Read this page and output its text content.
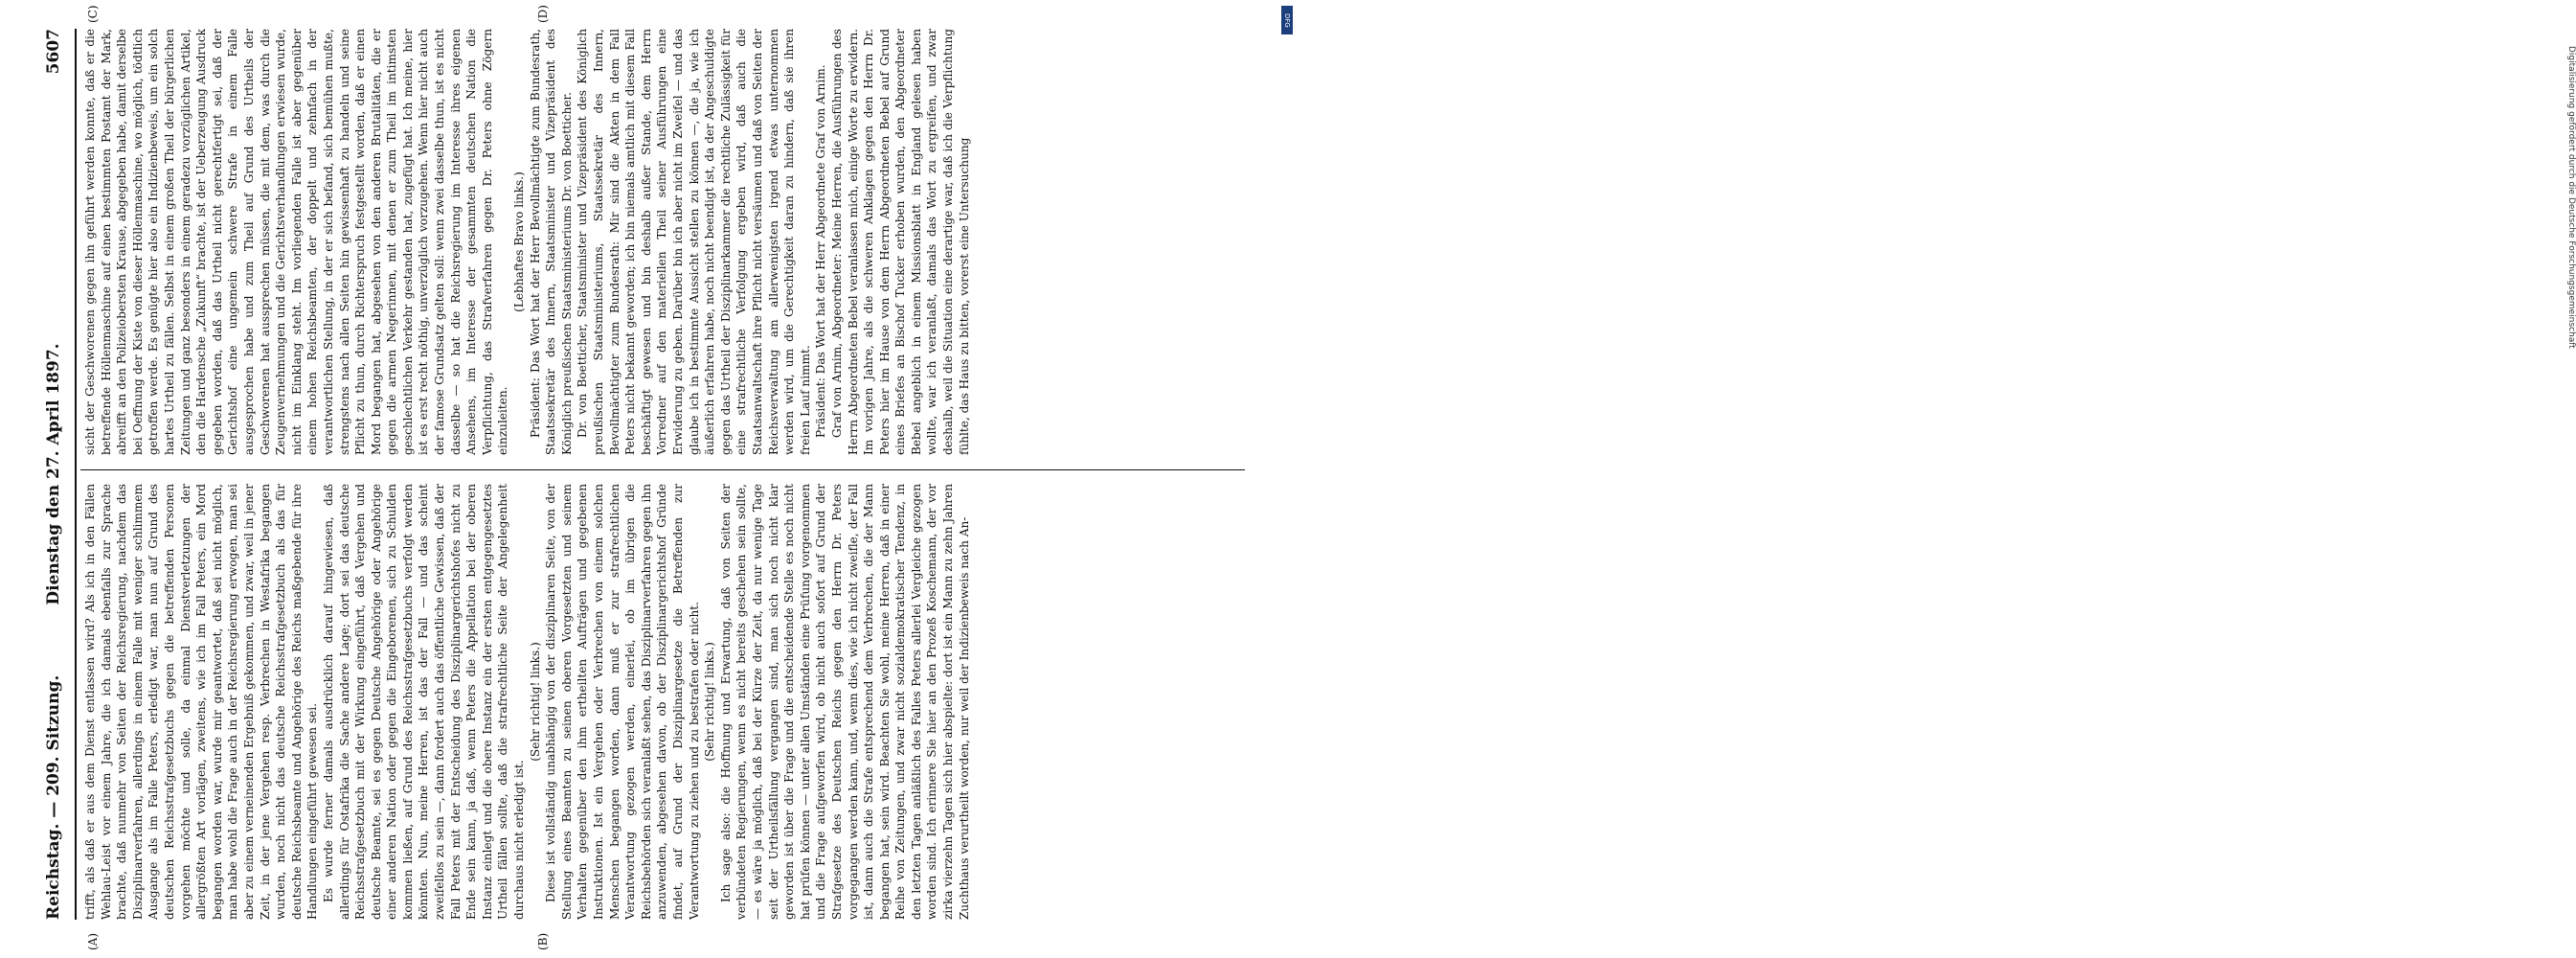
Reichstag. — 209. Sitzung.
Dienstag den 27. April 1897.
5607
(A)	(B)
(C)	(D)

trifft, als daß er aus dem Dienst entlassen wird? Als ich in den Fällen Wehlau-Leist vor einem Jahre, die ich damals ebenfalls zur Sprache brachte, daß nunmehr von Seiten der Reichsregierung, nachdem das Disziplinarverfahren, allerdings in einem Falle mit weniger schlimmem Ausgange als im Falle Peters, erledigt war, man nun auf Grund des deutschen Reichsstrafgesetzbuchs gegen die betreffenden Personen vorgehen möchte und solle, da einmal Dienstverletzungen der allergrößten Art vorlägen, zweitens, wie ich im Fall Peters, ein Mord begangen worden war, wurde mir geantwortet, daß sei nicht möglich, man habe wohl die Frage auch in der Reichsregierung erwogen, man sei aber zu einem verneinenden Ergebniß gekommen, und zwar, weil in jener Zeit, in der jene Vergehen resp. Verbrechen in Westafrika begangen wurden, noch nicht das deutsche Reichsstrafgesetzbuch als das für deutsche Reichsbeamte und Angehörige des Reichs maßgebende für ihre Handlungen eingeführt gewesen sei. Es wurde ferner damals ausdrücklich darauf hingewiesen, daß allerdings für Ostafrika die Sache andere Lage; dort sei das deutsche Reichsstrafgesetzbuch mit der Wirkung eingeführt, daß Vergehen und deutsche Beamte, sei es gegen Deutsche Angehörige oder Angehörige einer anderen Nation oder gegen die Eingeborenen, sich zu Schulden kommen ließen, auf Grund des Reichsstrafgesetzbuchs verfolgt werden könnten. Nun, meine Herren, ist das der Fall — und das scheint zweifellos zu sein —, dann fordert auch das öffentliche Gewissen, daß der Fall Peters mit der Entscheidung des Disziplinargerichtshofes nicht zu Ende sein kann, ja daß, wenn Peters die Appellation bei der oberen Instanz einlegt und die obere Instanz ein der ersten entgegengesetztes Urtheil fällen sollte, daß die strafrechtliche Seite der Angelegenheit durchaus nicht erledigt ist.

(Sehr richtig! links.) Diese ist vollständig unabhängig von der disziplinaren Seite, von der Stellung eines Beamten zu seinen oberen Vorgesetzten und seinem Verhalten gegenüber den ihm ertheilten Aufträgen und gegebenen Instruktionen. Ist ein Vergehen oder Verbrechen von einem solchen Menschen begangen worden, dann muß er zur strafrechtlichen Verantwortung gezogen werden, einerlei, ob im übrigen die Reichsbehörden sich veranlaßt sehen, das Disziplinarverfahren gegen ihn anzuwenden, abgesehen davon, ob der Disziplinargerichtshof Gründe findet, auf Grund der Disziplinargesetze die Betreffenden zur Verantwortung zu ziehen und zu bestrafen oder nicht. (Sehr richtig! links.) Ich sage also: die Hoffnung und Erwartung, daß von Seiten der verbündeten Regierungen, wenn es nicht bereits geschehen sein sollte, — es wäre ja möglich, daß bei der Kürze der Zeit, da nur wenige Tage seit der Urtheilsfällung vergangen sind, man sich noch nicht klar geworden ist über die Frage und die entscheidende Stelle es noch nicht hat prüfen können — unter allen Umständen eine Prüfung vorgenommen und die Frage aufgeworfen wird, ob nicht auch sofort auf Grund der Strafgesetze des Deutschen Reichs gegen den Herrn Dr. Peters vorgegangen werden kann, und, wenn dies, wie ich nicht zweifle, der Fall ist, dann auch die Strafe entsprechend dem Verbrechen, die der Mann begangen hat, sein wird. Beachten Sie wohl, meine Herren, daß in einer Reihe von Zeitungen, und zwar nicht sozialdemokratischer Tendenz, in den letzten Tagen anläßlich des Falles Peters allerlei Vergleiche gezogen worden sind. Ich erinnere Sie hier an den Prozeß Koschemann, der vor zirka vierzehn Tagen sich hier abspielte: dort ist ein Mann zu zehn Jahren Zuchthaus verurtheilt worden, nur weil der Indizienbeweis nach An-

sicht der Geschworenen gegen ihn geführt werden konnte, daß er die betreffende Höllenmaschine auf einen bestimmten Postamt der Mark, abreifft an den Polizeiobersten Krause, abgegeben habe, damit derselbe bei Oeffnung der Kiste von dieser Höllenmaschine, wo möglich, tödtlich getroffen werde. Es genügte hier also ein Indizienbeweis, um ein solch hartes Urtheil zu fällen. Selbst in einem großen Theil der bürgerlichen Zeitungen und ganz besonders in einem geradezu vorzüglichen Artikel, den die Hardensche „Zukunft“ brachte, ist der Ueberzeugung Ausdruck gegeben worden, daß das Urtheil nicht gerechtfertigt sei, daß der Gerichtshof eine ungemein schwere Strafe in einem Falle ausgesprochen habe und zum Theil auf Grund des Urtheils der Geschworenen hat aussprechen müssen, die mit dem, was durch die Zeugenvernehmungen und die Gerichtsverhandlungen erwiesen wurde, nicht im Einklang steht. Im vorliegenden Falle ist aber gegenüber einem hohen Reichsbeamten, der doppelt und zehnfach in der verantwortlichen Stellung, in der er sich befand, sich bemühen mußte, strengstens nach allen Seiten hin gewissenhaft zu handeln und seine Pflicht zu thun, durch Richterspruch festgestellt worden, daß er einen Mord begangen hat, abgesehen von den anderen Brutalitäten, die er gegen die armen Negerinnen, mit denen er zum Theil im intimsten geschlechtlichen Verkehr gestanden hat, zugefügt hat. Ich meine, hier ist es erst recht nöthig, unverzüglich vorzugehen. Wenn hier nicht auch der famose Grundsatz gelten soll: wenn zwei dasselbe thun, ist es nicht dasselbe — so hat die Reichsregierung im Interesse ihres eigenen Ansehens, im Interesse der gesammten deutschen Nation die Verpflichtung, das Strafverfahren gegen Dr. Peters ohne Zögern einzuleiten.

(Lebhaftes Bravo links.) Präsident: Das Wort hat der Herr Bevollmächtigte zum Bundesrath, Staatssekretär des Innern, Staatsminister und Vizepräsident des Königlich preußischen Staatsministeriums Dr. von Boetticher. Dr. von Boetticher, Staatsminister und Vizepräsident des Königlich preußischen Staatsministeriums, Staatssekretär des Innern, Bevollmächtigter zum Bundesrath: Mir sind die Akten in dem Fall Peters nicht bekannt geworden; ich bin niemals amtlich mit diesem Fall beschäftigt gewesen und bin deshalb außer Stande, dem Herrn Vorredner auf den materiellen Theil seiner Ausführungen eine Erwiderung zu geben. Darüber bin ich aber nicht im Zweifel — und das glaube ich in bestimmte Aussicht stellen zu können —, die ja, wie ich äußerlich erfahren habe, noch nicht beendigt ist, da der Angeschuldigte gegen das Urtheil der Disziplinarkammer die rechtliche Zulässigkeit für eine strafrechtliche Verfolgung ergeben wird, daß auch die Staatsanwaltschaft ihre Pflicht nicht versäumen und daß von Seiten der Reichsverwaltung am allerwenigsten irgend etwas unternommen werden wird, um die Gerechtigkeit daran zu hindern, daß sie ihren freien Lauf nimmt. Präsident: Das Wort hat der Herr Abgeordnete Graf von Arnim. Graf von Arnim, Abgeordneter: Meine Herren, die Ausführungen des Herrn Abgeordneten Bebel veranlassen mich, einige Worte zu erwidern. Im vorigen Jahre, als die schweren Anklagen gegen den Herrn Dr. Peters hier im Hause von dem Herrn Abgeordneten Bebel auf Grund eines Briefes an Bischof Tucker erhoben wurden, den Abgeordneter Bebel angeblich in einem Missionsblatt in England gelesen haben wollte, war ich veranlaßt, damals das Wort zu ergreifen, und zwar deshalb, weil die Situation eine derartige war, daß ich die Verpflichtung fühlte, das Haus zu bitten, vorerst eine Untersuchung

DFG
Digitalisierung gefördert durch die Deutsche Forschungsgemeinschaft
